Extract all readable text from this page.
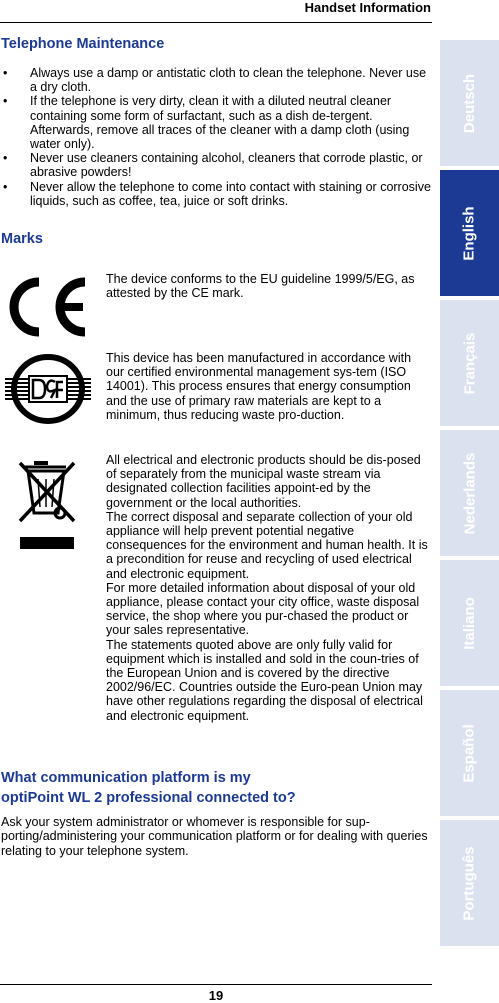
Handset Information
Telephone Maintenance
• Always use a damp or antistatic cloth to clean the telephone. Never use a dry cloth.
• If the telephone is very dirty, clean it with a diluted neutral cleaner containing some form of surfactant, such as a dish de-tergent. Afterwards, remove all traces of the cleaner with a damp cloth (using water only).
• Never use cleaners containing alcohol, cleaners that corrode plastic, or abrasive powders!
• Never allow the telephone to come into contact with staining or corrosive liquids, such as coffee, tea, juice or soft drinks.
Marks
The device conforms to the EU guideline 1999/5/EG, as attested by the CE mark.
This device has been manufactured in accordance with our certified environmental management sys-tem (ISO 14001). This process ensures that energy consumption and the use of primary raw materials are kept to a minimum, thus reducing waste pro-duction.
All electrical and electronic products should be dis-posed of separately from the municipal waste stream via designated collection facilities appoint-ed by the government or the local authorities.
The correct disposal and separate collection of your old appliance will help prevent potential negative consequences for the environment and human health. It is a precondition for reuse and recycling of used electrical and electronic equipment.
For more detailed information about disposal of your old appliance, please contact your city office, waste disposal service, the shop where you pur-chased the product or your sales representative.
The statements quoted above are only fully valid for equipment which is installed and sold in the coun-tries of the European Union and is covered by the directive 2002/96/EC. Countries outside the Euro-pean Union may have other regulations regarding the disposal of electrical and electronic equipment.
What communication platform is my
optiPoint WL 2 professional connected to?
Ask your system administrator or whomever is responsible for sup-porting/administering your communication platform or for dealing with queries relating to your telephone system.
19
Deutsch
English
Français
Nederlands
Italiano
Español
Português
